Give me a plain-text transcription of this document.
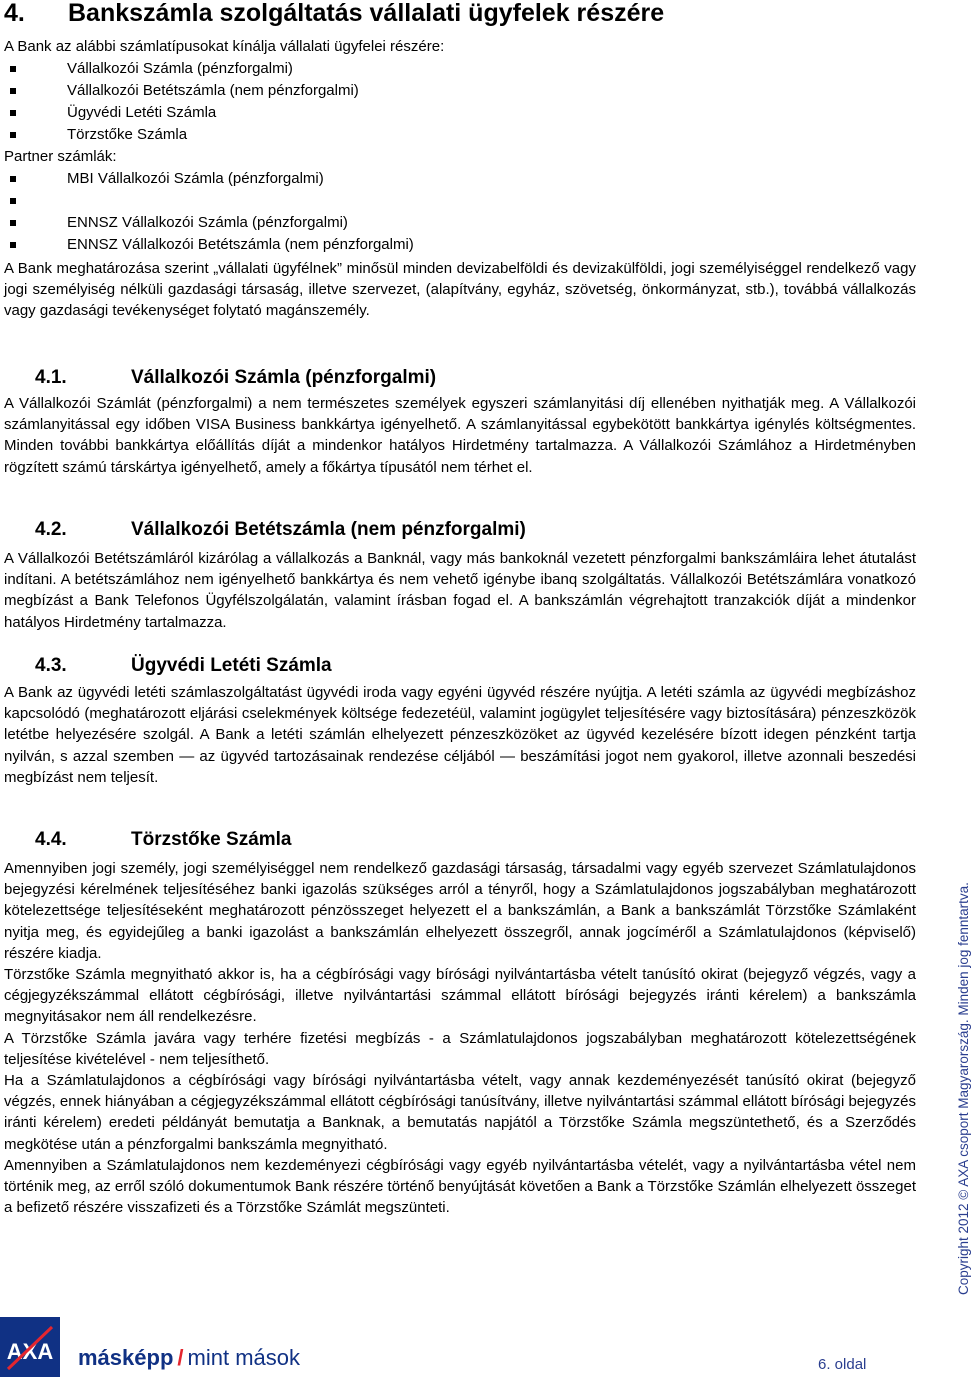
4. Bankszámla szolgáltatás vállalati ügyfelek részére

A Bank az alábbi számlatípusokat kínálja vállalati ügyfelei részére:

Vállalkozói Számla (pénzforgalmi)
Vállalkozói Betétszámla (nem pénzforgalmi)
Ügyvédi Letéti Számla
Törzstőke Számla

Partner számlák:

MBI Vállalkozói Számla (pénzforgalmi)
ENNSZ Vállalkozói Számla (pénzforgalmi)
ENNSZ Vállalkozói Betétszámla (nem pénzforgalmi)

A Bank meghatározása szerint „vállalati ügyfélnek” minősül minden devizabelföldi és devizakülföldi, jogi személyiséggel rendelkező vagy jogi személyiség nélküli gazdasági társaság, illetve szervezet, (alapítvány, egyház, szövetség, önkormányzat, stb.), továbbá vállalkozás vagy gazdasági tevékenységet folytató magánszemély.

4.1.	Vállalkozói Számla (pénzforgalmi)

A Vállalkozói Számlát (pénzforgalmi) a nem természetes személyek egyszeri számlanyitási díj ellenében nyithatják meg. A Vállalkozói számlanyitással egy időben VISA Business bankkártya igényelhető. A számlanyitással egybekötött bankkártya igénylés költségmentes. Minden további bankkártya előállítás díját a mindenkor hatályos Hirdetmény tartalmazza. A Vállalkozói Számlához a Hirdetményben rögzített számú társkártya igényelhető, amely a főkártya típusától nem térhet el.

4.2.	Vállalkozói Betétszámla (nem pénzforgalmi)

A Vállalkozói Betétszámláról kizárólag a vállalkozás a Banknál, vagy más bankoknál vezetett pénzforgalmi bankszámláira lehet átutalást indítani. A betétszámlához nem igényelhető bankkártya és nem vehető igénybe ibanq szolgáltatás. Vállalkozói Betétszámlára vonatkozó megbízást a Bank Telefonos Ügyfélszolgálatán, valamint írásban fogad el. A bankszámlán végrehajtott tranzakciók díját a mindenkor hatályos Hirdetmény tartalmazza.

4.3.	Ügyvédi Letéti Számla

A Bank az ügyvédi letéti számlaszolgáltatást ügyvédi iroda vagy egyéni ügyvéd részére nyújtja. A letéti számla az ügyvédi megbízáshoz kapcsolódó (meghatározott eljárási cselekmények költsége fedezetéül, valamint jogügylet teljesítésére vagy biztosítására) pénzeszközök letétbe helyezésére szolgál. A Bank a letéti számlán elhelyezett pénzeszközöket az ügyvéd kezelésére bízott idegen pénzként tartja nyilván, s azzal szemben — az ügyvéd tartozásainak rendezése céljából — beszámítási jogot nem gyakorol, illetve azonnali beszedési megbízást nem teljesít.

4.4.	Törzstőke Számla

Amennyiben jogi személy, jogi személyiséggel nem rendelkező gazdasági társaság, társadalmi vagy egyéb szervezet Számlatulajdonos bejegyzési kérelmének teljesítéséhez banki igazolás szükséges arról a tényről, hogy a Számlatulajdonos jogszabályban meghatározott kötelezettsége teljesítéseként meghatározott pénzösszeget helyezett el a bankszámlán, a Bank a bankszámlát Törzstőke Számlaként nyitja meg, és egyidejűleg a banki igazolást a bankszámlán elhelyezett összegről, annak jogcíméről a Számlatulajdonos (képviselő) részére kiadja.

Törzstőke Számla megnyitható akkor is, ha a cégbírósági vagy bírósági nyilvántartásba vételt tanúsító okirat (bejegyző végzés, vagy a cégjegyzékszámmal ellátott cégbírósági, illetve nyilvántartási számmal ellátott bírósági bejegyzés iránti kérelem) a bankszámla megnyitásakor nem áll rendelkezésre.

A Törzstőke Számla javára vagy terhére fizetési megbízás - a Számlatulajdonos jogszabályban meghatározott kötelezettségének teljesítése kivételével - nem teljesíthető.

Ha a Számlatulajdonos a cégbírósági vagy bírósági nyilvántartásba vételt, vagy annak kezdeményezését tanúsító okirat (bejegyző végzés, ennek hiányában a cégjegyzékszámmal ellátott cégbírósági tanúsítvány, illetve nyilvántartási számmal ellátott bírósági bejegyzés iránti kérelem) eredeti példányát bemutatja a Banknak, a bemutatás napjától a Törzstőke Számla megszüntethető, és a Szerződés megkötése után a pénzforgalmi bankszámla megnyitható.

Amennyiben a Számlatulajdonos nem kezdeményezi cégbírósági vagy egyéb nyilvántartásba vételét, vagy a nyilvántartásba vétel nem történik meg, az erről szóló dokumentumok Bank részére történő benyújtását követően a Bank a Törzstőke Számlán elhelyezett összeget a befizető részére visszafizeti és a Törzstőke Számlát megszünteti.	Copyright 2012 © AXA csoport Magyarország. Minden jog fenntartva.
AXA másképp / mint mások	6. oldal
